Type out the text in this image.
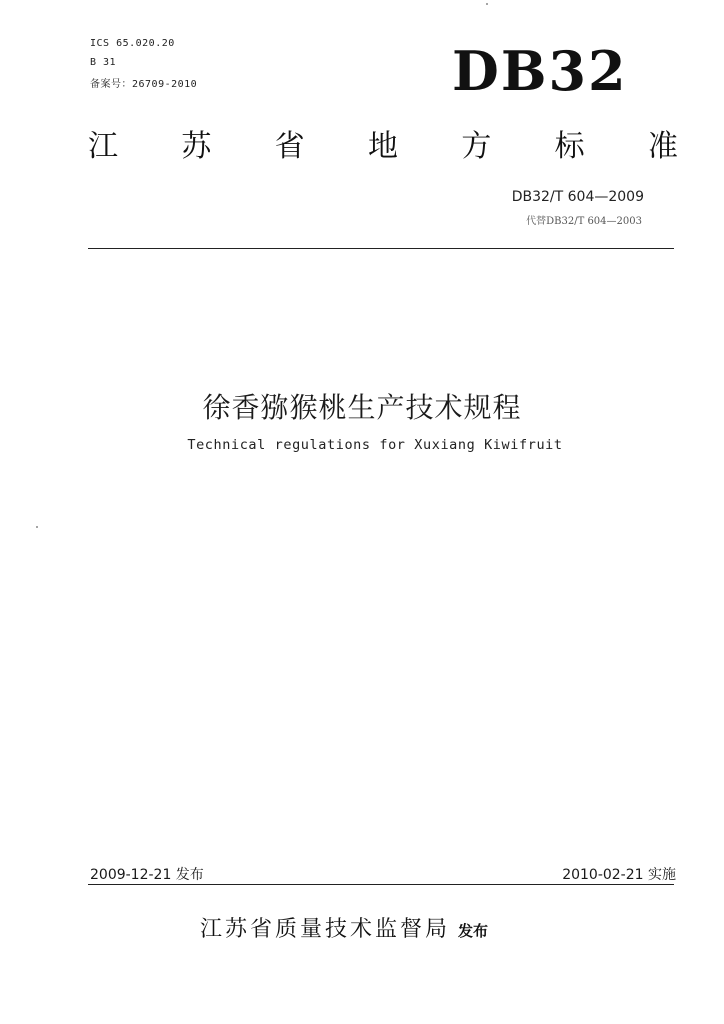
ICS 65.020.20
B 31
备案号：26709-2010	DB32
江 苏 省 地 方 标 准
DB32/T 604—2009
代替DB32/T 604—2003
徐香猕猴桃生产技术规程
Technical regulations for Xuxiang Kiwifruit
2009-12-21 发布	2010-02-21 实施
江苏省质量技术监督局 发布
